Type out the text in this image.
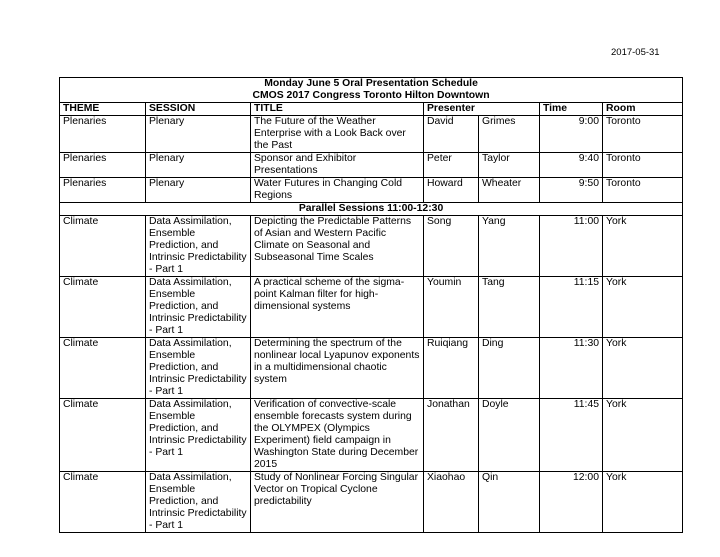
2017-05-31
Monday June 5 Oral Presentation Schedule
CMOS 2017 Congress Toronto Hilton Downtown						

THEME	SESSION	TITLE	Presenter		Time	Room
Plenaries	Plenary	The Future of the Weather Enterprise with a Look Back over the Past	David	Grimes	9:00	Toronto
Plenaries	Plenary	Sponsor and Exhibitor Presentations	Peter	Taylor	9:40	Toronto
Plenaries	Plenary	Water Futures in Changing Cold Regions	Howard	Wheater	9:50	Toronto
Parallel Sessions 11:00-12:30						
Climate	Data Assimilation, Ensemble Prediction, and Intrinsic Predictability - Part 1	Depicting the Predictable Patterns of Asian and Western Pacific Climate on Seasonal and Subseasonal Time Scales	Song	Yang	11:00	York
Climate	Data Assimilation, Ensemble Prediction, and Intrinsic Predictability - Part 1	A practical scheme of the sigma-point Kalman filter for high-dimensional systems	Youmin	Tang	11:15	York
Climate	Data Assimilation, Ensemble Prediction, and Intrinsic Predictability - Part 1	Determining the spectrum of the nonlinear local Lyapunov exponents in a multidimensional chaotic system	Ruiqiang	Ding	11:30	York
Climate	Data Assimilation, Ensemble Prediction, and Intrinsic Predictability - Part 1	Verification of convective-scale ensemble forecasts system during the OLYMPEX (Olympics Experiment) field campaign in Washington State during December 2015	Jonathan	Doyle	11:45	York
Climate	Data Assimilation, Ensemble Prediction, and Intrinsic Predictability - Part 1	Study of Nonlinear Forcing Singular Vector on Tropical Cyclone predictability	Xiaohao	Qin	12:00	York
